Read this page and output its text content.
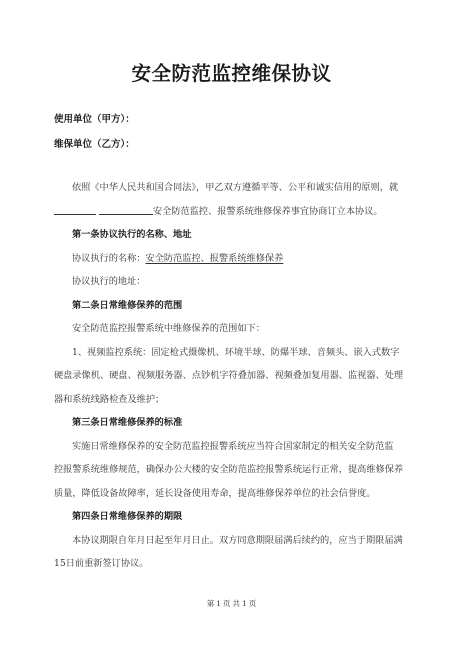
安全防范监控维保协议
使用单位（甲方）：
维保单位（乙方）：

依照《中华人民共和国合同法》，甲乙双方遵循平等、公平和诚实信用的原则，就

安全防范监控、报警系统维修保养事宜协商订立本协议。

第一条协议执行的名称、地址

协议执行的名称：安全防范监控、报警系统维修保养

协议执行的地址：

第二条日常维修保养的范围

安全防范监控报警系统中维修保养的范围如下：

1、视频监控系统：固定枪式摄像机、环境半球、防爆半球、音频头、嵌入式数字

硬盘录像机、硬盘、视频服务器、点钞机字符叠加器、视频叠加复用器、监视器、处理

器和系统线路检查及维护；

第三条日常维修保养的标准

实施日常维修保养的安全防范监控报警系统应当符合国家制定的相关安全防范监

控报警系统维修规范，确保办公大楼的安全防范监控报警系统运行正常，提高维修保养

质量，降低设备故障率，延长设备使用寿命，提高维修保养单位的社会信誉度。

第四条日常维修保养的期限

本协议期限自年月日起至年月日止。双方同意期限届满后续约的，应当于期限届满

15日前重新签订协议。

第 1 页 共 1 页
